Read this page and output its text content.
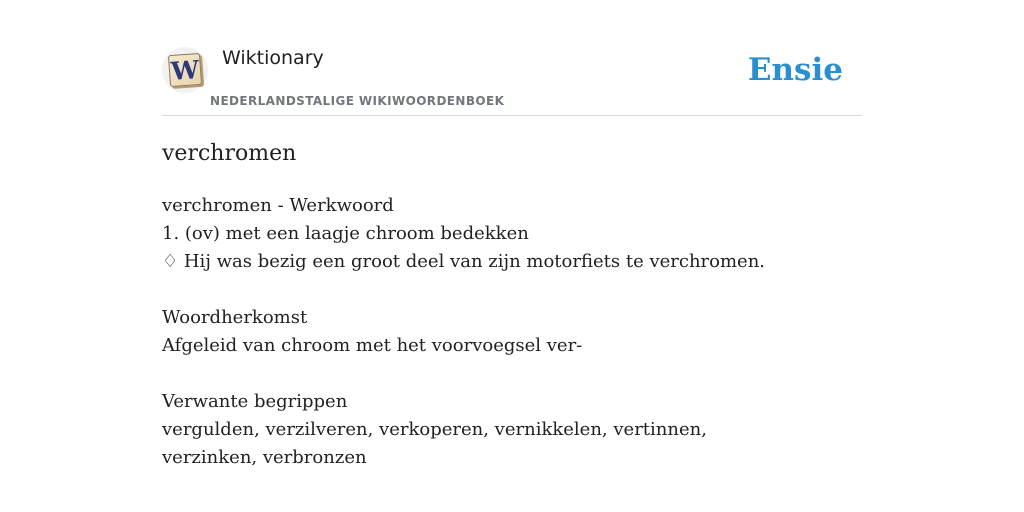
W Wiktionary
NEDERLANDSTALIGE WIKIWOORDENBOEK
Ensie
verchromen
verchromen - Werkwoord
1. (ov) met een laagje chroom bedekken
♢ Hij was bezig een groot deel van zijn motorfiets te verchromen.
Woordherkomst
Afgeleid van chroom met het voorvoegsel ver-
Verwante begrippen
vergulden, verzilveren, verkoperen, vernikkelen, vertinnen, verzinken, verbronzen
